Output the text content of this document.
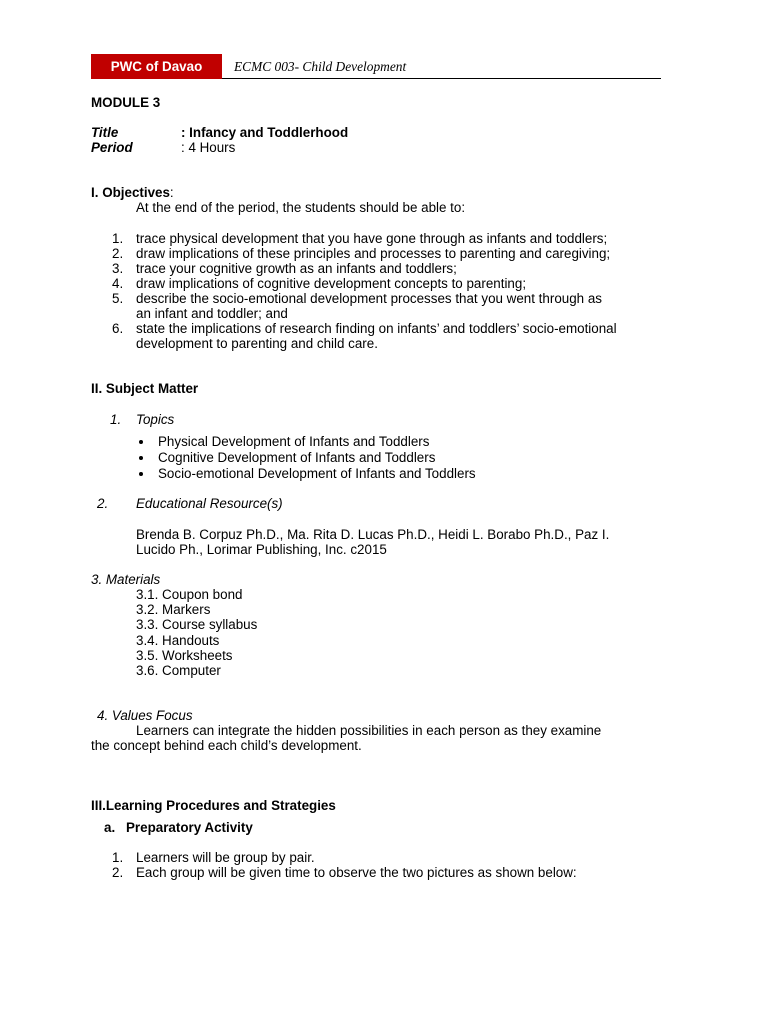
PWC of Davao	ECMC 003- Child Development
MODULE 3
Title	: Infancy and Toddlerhood
Period	: 4 Hours
I. Objectives:
At the end of the period, the students should be able to:
1. trace physical development that you have gone through as infants and toddlers;
2. draw implications of these principles and processes to parenting and caregiving;
3. trace your cognitive growth as an infants and toddlers;
4. draw implications of cognitive development concepts to parenting;
5. describe the socio-emotional development processes that you went through as
an infant and toddler; and
6. state the implications of research finding on infants’ and toddlers’ socio-emotional
development to parenting and child care.
II. Subject Matter
1. Topics
Physical Development of Infants and Toddlers
Cognitive Development of Infants and Toddlers
Socio-emotional Development of Infants and Toddlers
2. Educational Resource(s)
Brenda B. Corpuz Ph.D., Ma. Rita D. Lucas Ph.D., Heidi L. Borabo Ph.D., Paz I.
Lucido Ph., Lorimar Publishing, Inc. c2015
3. Materials
3.1. Coupon bond
3.2. Markers
3.3. Course syllabus
3.4. Handouts
3.5. Worksheets
3.6. Computer
4. Values Focus
Learners can integrate the hidden possibilities in each person as they examine
the concept behind each child’s development.
III.Learning Procedures and Strategies
a. Preparatory Activity
1. Learners will be group by pair.
2. Each group will be given time to observe the two pictures as shown below:
